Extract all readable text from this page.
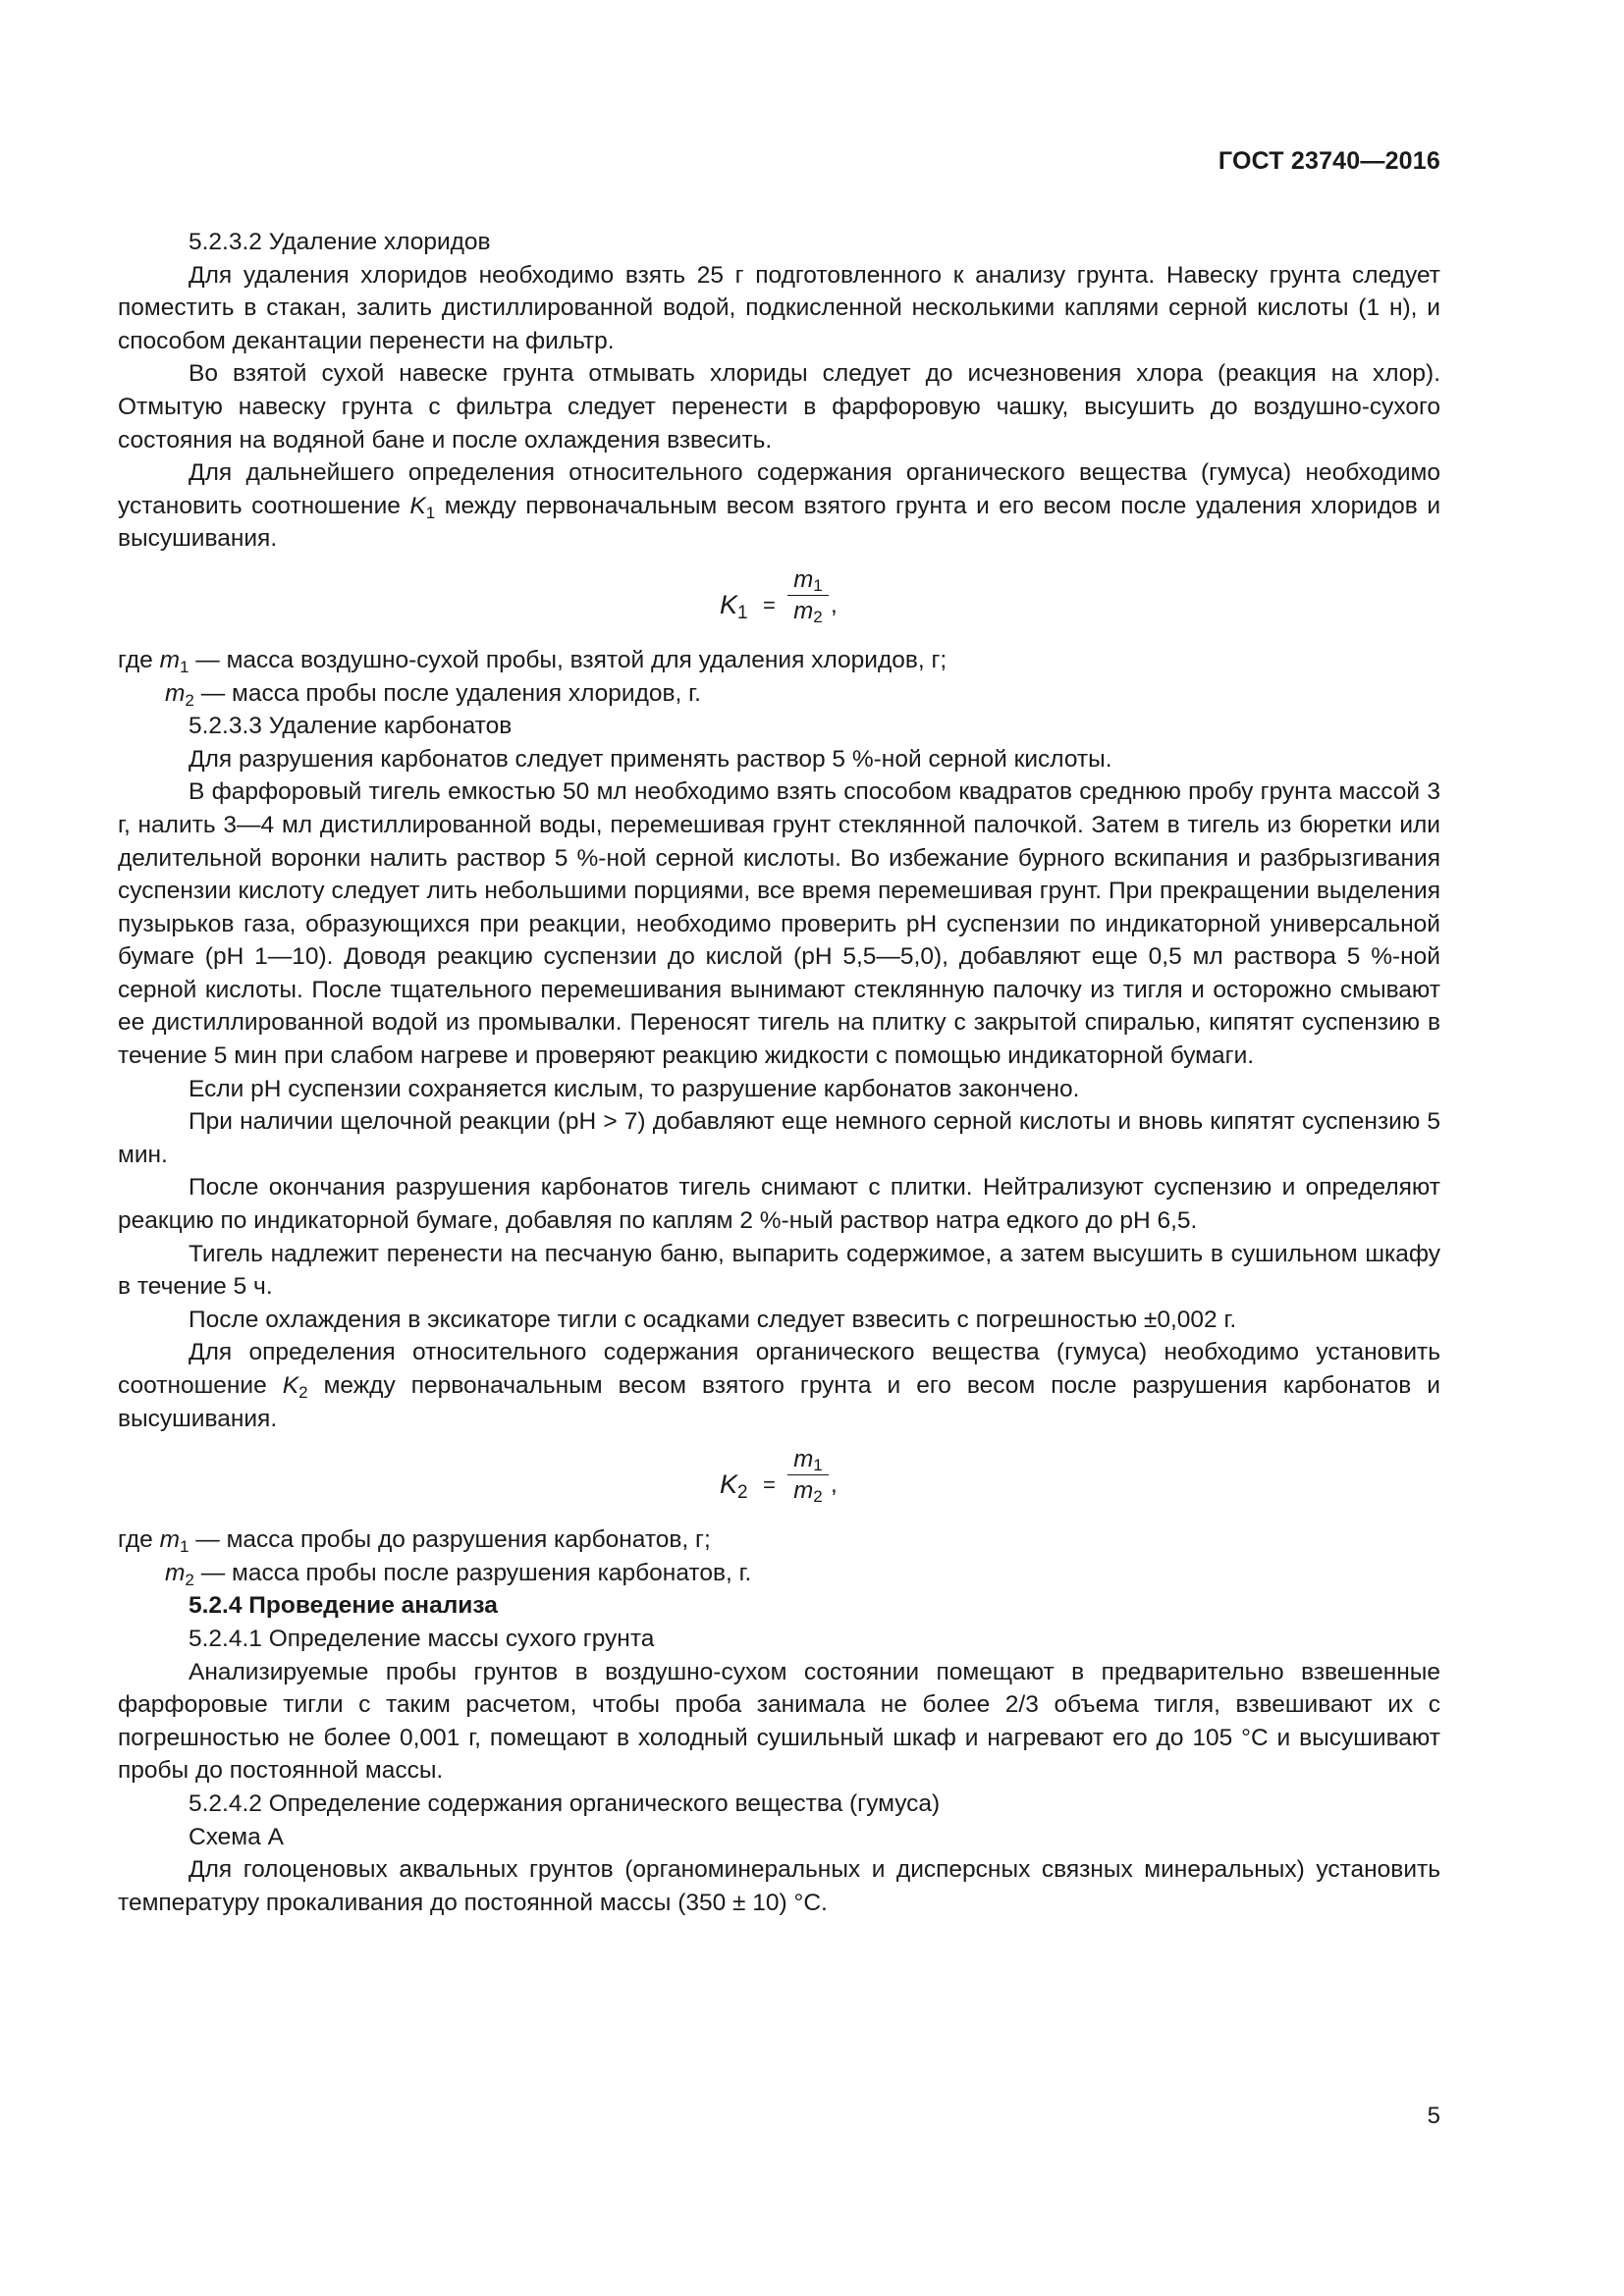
ГОСТ 23740—2016

5.2.3.2 Удаление хлоридов

Для удаления хлоридов необходимо взять 25 г подготовленного к анализу грунта. Навеску грунта следует поместить в стакан, залить дистиллированной водой, подкисленной несколькими каплями серной кислоты (1 н), и способом декантации перенести на фильтр.

Во взятой сухой навеске грунта отмывать хлориды следует до исчезновения хлора (реакция на хлор). Отмытую навеску грунта с фильтра следует перенести в фарфоровую чашку, высушить до воздушно-сухого состояния на водяной бане и после охлаждения взвесить.

Для дальнейшего определения относительного содержания органического вещества (гумуса) необходимо установить соотношение $K_1$ между первоначальным весом взятого грунта и его весом после удаления хлоридов и высушивания.

$K_1 = \frac{m_1}{m_2}$ ,

где $m_1$ — масса воздушно-сухой пробы, взятой для удаления хлоридов, г;

$m_2$ — масса пробы после удаления хлоридов, г.

5.2.3.3 Удаление карбонатов

Для разрушения карбонатов следует применять раствор 5 %-ной серной кислоты.

В фарфоровый тигель емкостью 50 мл необходимо взять способом квадратов среднюю пробу грунта массой 3 г, налить 3—4 мл дистиллированной воды, перемешивая грунт стеклянной палочкой. Затем в тигель из бюретки или делительной воронки налить раствор 5 %-ной серной кислоты. Во избежание бурного вскипания и разбрызгивания суспензии кислоту следует лить небольшими порциями, все время перемешивая грунт. При прекращении выделения пузырьков газа, образующихся при реакции, необходимо проверить pH суспензии по индикаторной универсальной бумаге (pH 1—10). Доводя реакцию суспензии до кислой (pH 5,5—5,0), добавляют еще 0,5 мл раствора 5 %-ной серной кислоты. После тщательного перемешивания вынимают стеклянную палочку из тигля и осторожно смывают ее дистиллированной водой из промывалки. Переносят тигель на плитку с закрытой спиралью, кипятят суспензию в течение 5 мин при слабом нагреве и проверяют реакцию жидкости с помощью индикаторной бумаги.

Если pH суспензии сохраняется кислым, то разрушение карбонатов закончено.

При наличии щелочной реакции (pH > 7) добавляют еще немного серной кислоты и вновь кипятят суспензию 5 мин.

После окончания разрушения карбонатов тигель снимают с плитки. Нейтрализуют суспензию и определяют реакцию по индикаторной бумаге, добавляя по каплям 2 %-ный раствор натра едкого до pH 6,5.

Тигель надлежит перенести на песчаную баню, выпарить содержимое, а затем высушить в сушильном шкафу в течение 5 ч.

После охлаждения в эксикаторе тигли с осадками следует взвесить с погрешностью ±0,002 г.

Для определения относительного содержания органического вещества (гумуса) необходимо установить соотношение $K_2$ между первоначальным весом взятого грунта и его весом после разрушения карбонатов и высушивания.

$K_2 = \frac{m_1}{m_2}$ ,

где $m_1$ — масса пробы до разрушения карбонатов, г;

$m_2$ — масса пробы после разрушения карбонатов, г.

5.2.4 Проведение анализа

5.2.4.1 Определение массы сухого грунта

Анализируемые пробы грунтов в воздушно-сухом состоянии помещают в предварительно взвешенные фарфоровые тигли с таким расчетом, чтобы проба занимала не более 2/3 объема тигля, взвешивают их с погрешностью не более 0,001 г, помещают в холодный сушильный шкаф и нагревают его до 105 °С и высушивают пробы до постоянной массы.

5.2.4.2 Определение содержания органического вещества (гумуса)

Схема А

Для голоценовых аквальных грунтов (органоминеральных и дисперсных связных минеральных) установить температуру прокаливания до постоянной массы (350 ± 10) °С.

5
